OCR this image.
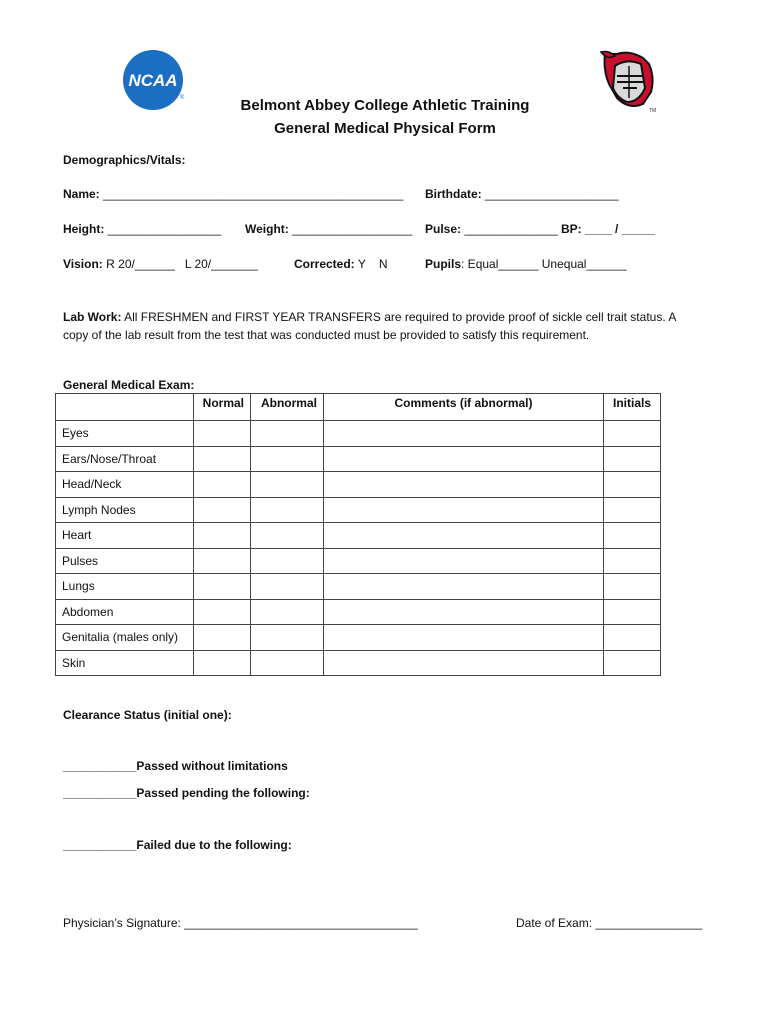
NCAA
®
TM
Belmont Abbey College Athletic Training
General Medical Physical Form
Demographics/Vitals:
Name: _____________________________________________ Birthdate: ____________________
Height: _________________ Weight: __________________ Pulse: ______________ BP: ____ / _____
Vision: R 20/______ L 20/_______	Corrected: Y    N	Pupils: Equal______ Unequal______
Lab Work: All FRESHMEN and FIRST YEAR TRANSFERS are required to provide proof of sickle cell trait status. A copy of the lab result from the test that was conducted must be provided to satisfy this requirement.
General Medical Exam:
	Normal	Abnormal	Comments (if abnormal)	Initials
Eyes				
Ears/Nose/Throat				
Head/Neck				
Lymph Nodes				
Heart				
Pulses				
Lungs				
Abdomen				
Genitalia (males only)				
Skin				
Clearance Status (initial one):
___________Passed without limitations
___________Passed pending the following:
___________Failed due to the following:
Physician’s Signature: ___________________________________	Date of Exam: ________________
